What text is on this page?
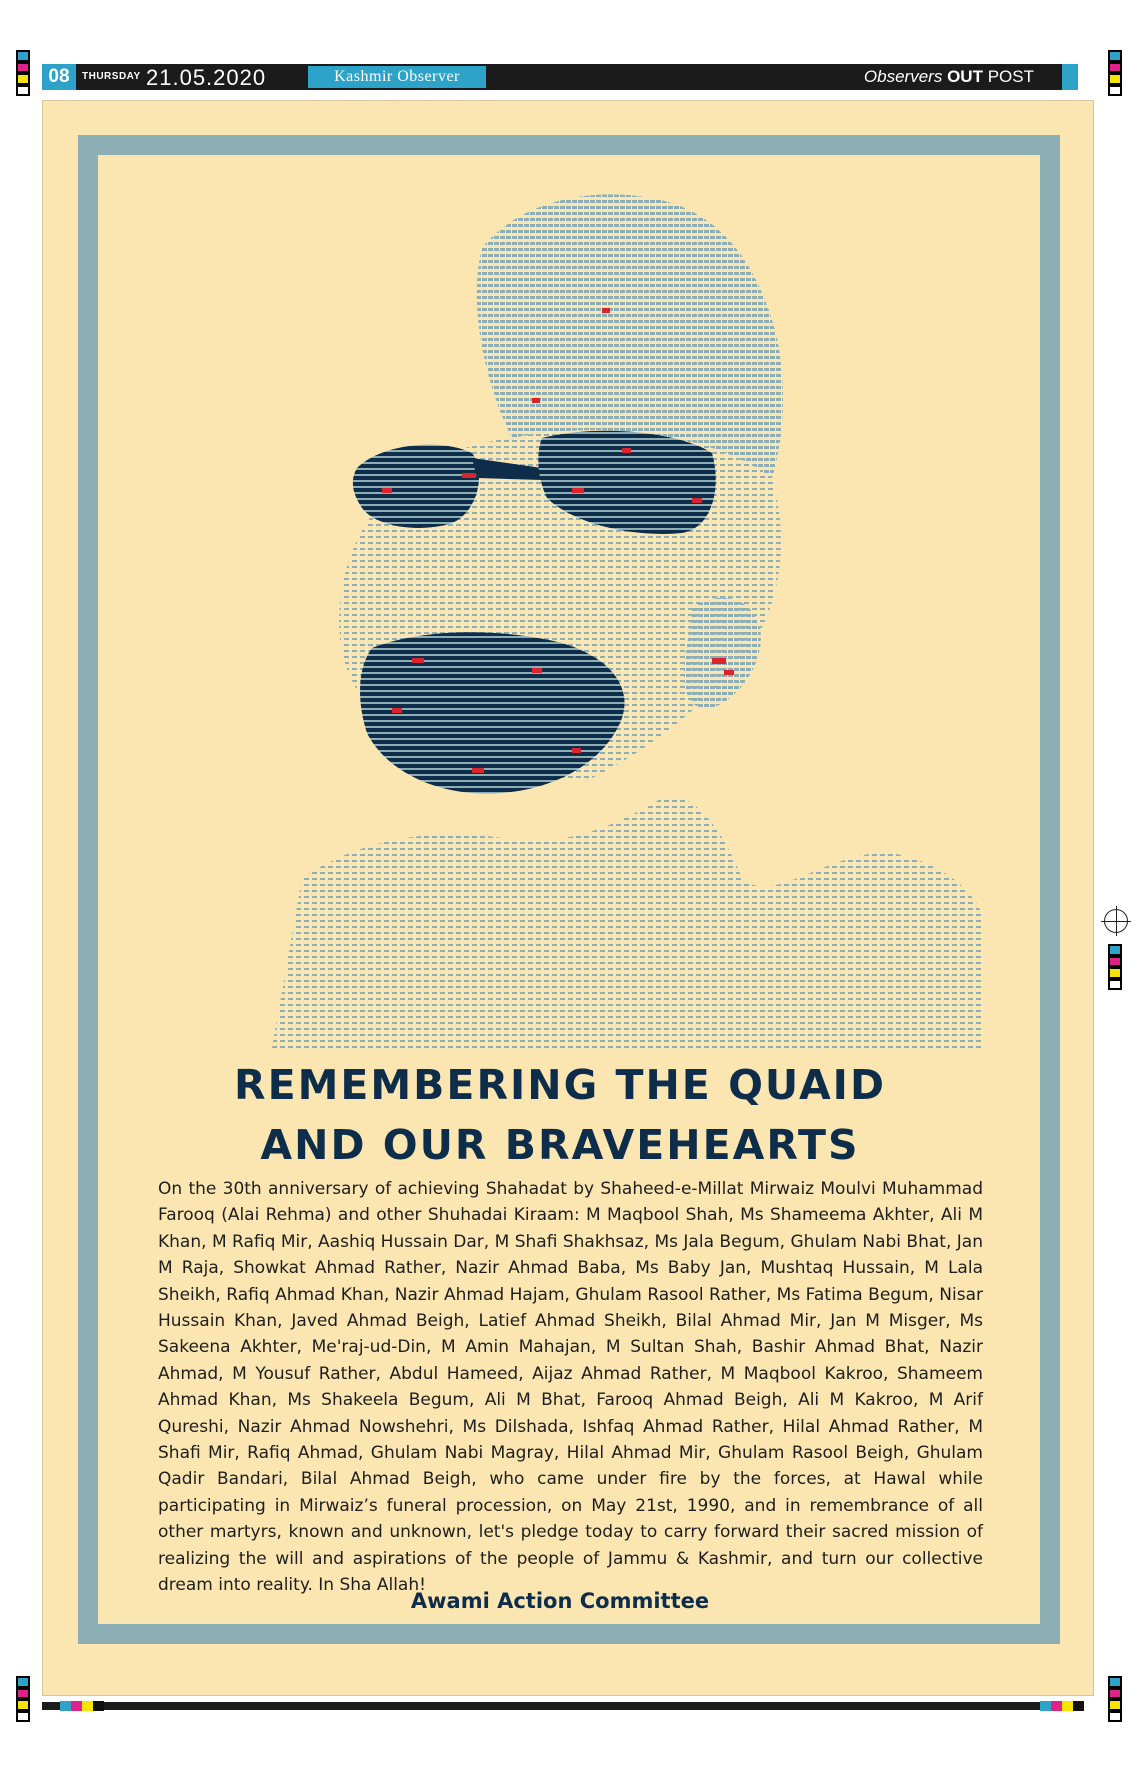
08	THURSDAY 21.05.2020	Kashmir Observer	Observers OUT POST
REMEMBERING THE QUAID
AND OUR BRAVEHEARTS

On the 30th anniversary of achieving Shahadat by Shaheed-e-Millat Mirwaiz Moulvi Muhammad Farooq (Alai Rehma) and other Shuhadai Kiraam: M Maqbool Shah, Ms Shameema Akhter, Ali M Khan, M Rafiq Mir, Aashiq Hussain Dar, M Shafi Shakhsaz, Ms Jala Begum, Ghulam Nabi Bhat, Jan M Raja, Showkat Ahmad Rather, Nazir Ahmad Baba, Ms Baby Jan, Mushtaq Hussain, M Lala Sheikh, Rafiq Ahmad Khan, Nazir Ahmad Hajam, Ghulam Rasool Rather, Ms Fatima Begum, Nisar Hussain Khan, Javed Ahmad Beigh, Latief Ahmad Sheikh, Bilal Ahmad Mir, Jan M Misger, Ms Sakeena Akhter, Me'raj-ud-Din, M Amin Mahajan, M Sultan Shah, Bashir Ahmad Bhat, Nazir Ahmad, M Yousuf Rather, Abdul Hameed, Aijaz Ahmad Rather, M Maqbool Kakroo, Shameem Ahmad Khan, Ms Shakeela Begum, Ali M Bhat, Farooq Ahmad Beigh, Ali M Kakroo, M Arif Qureshi, Nazir Ahmad Nowshehri, Ms Dilshada, Ishfaq Ahmad Rather, Hilal Ahmad Rather, M Shafi Mir, Rafiq Ahmad, Ghulam Nabi Magray, Hilal Ahmad Mir, Ghulam Rasool Beigh, Ghulam Qadir Bandari, Bilal Ahmad Beigh, who came under fire by the forces, at Hawal while participating in Mirwaiz’s funeral procession, on May 21st, 1990, and in remembrance of all other martyrs, known and unknown, let's pledge today to carry forward their sacred mission of realizing the will and aspirations of the people of Jammu & Kashmir, and turn our collective dream into reality. In Sha Allah!

Awami Action Committee
